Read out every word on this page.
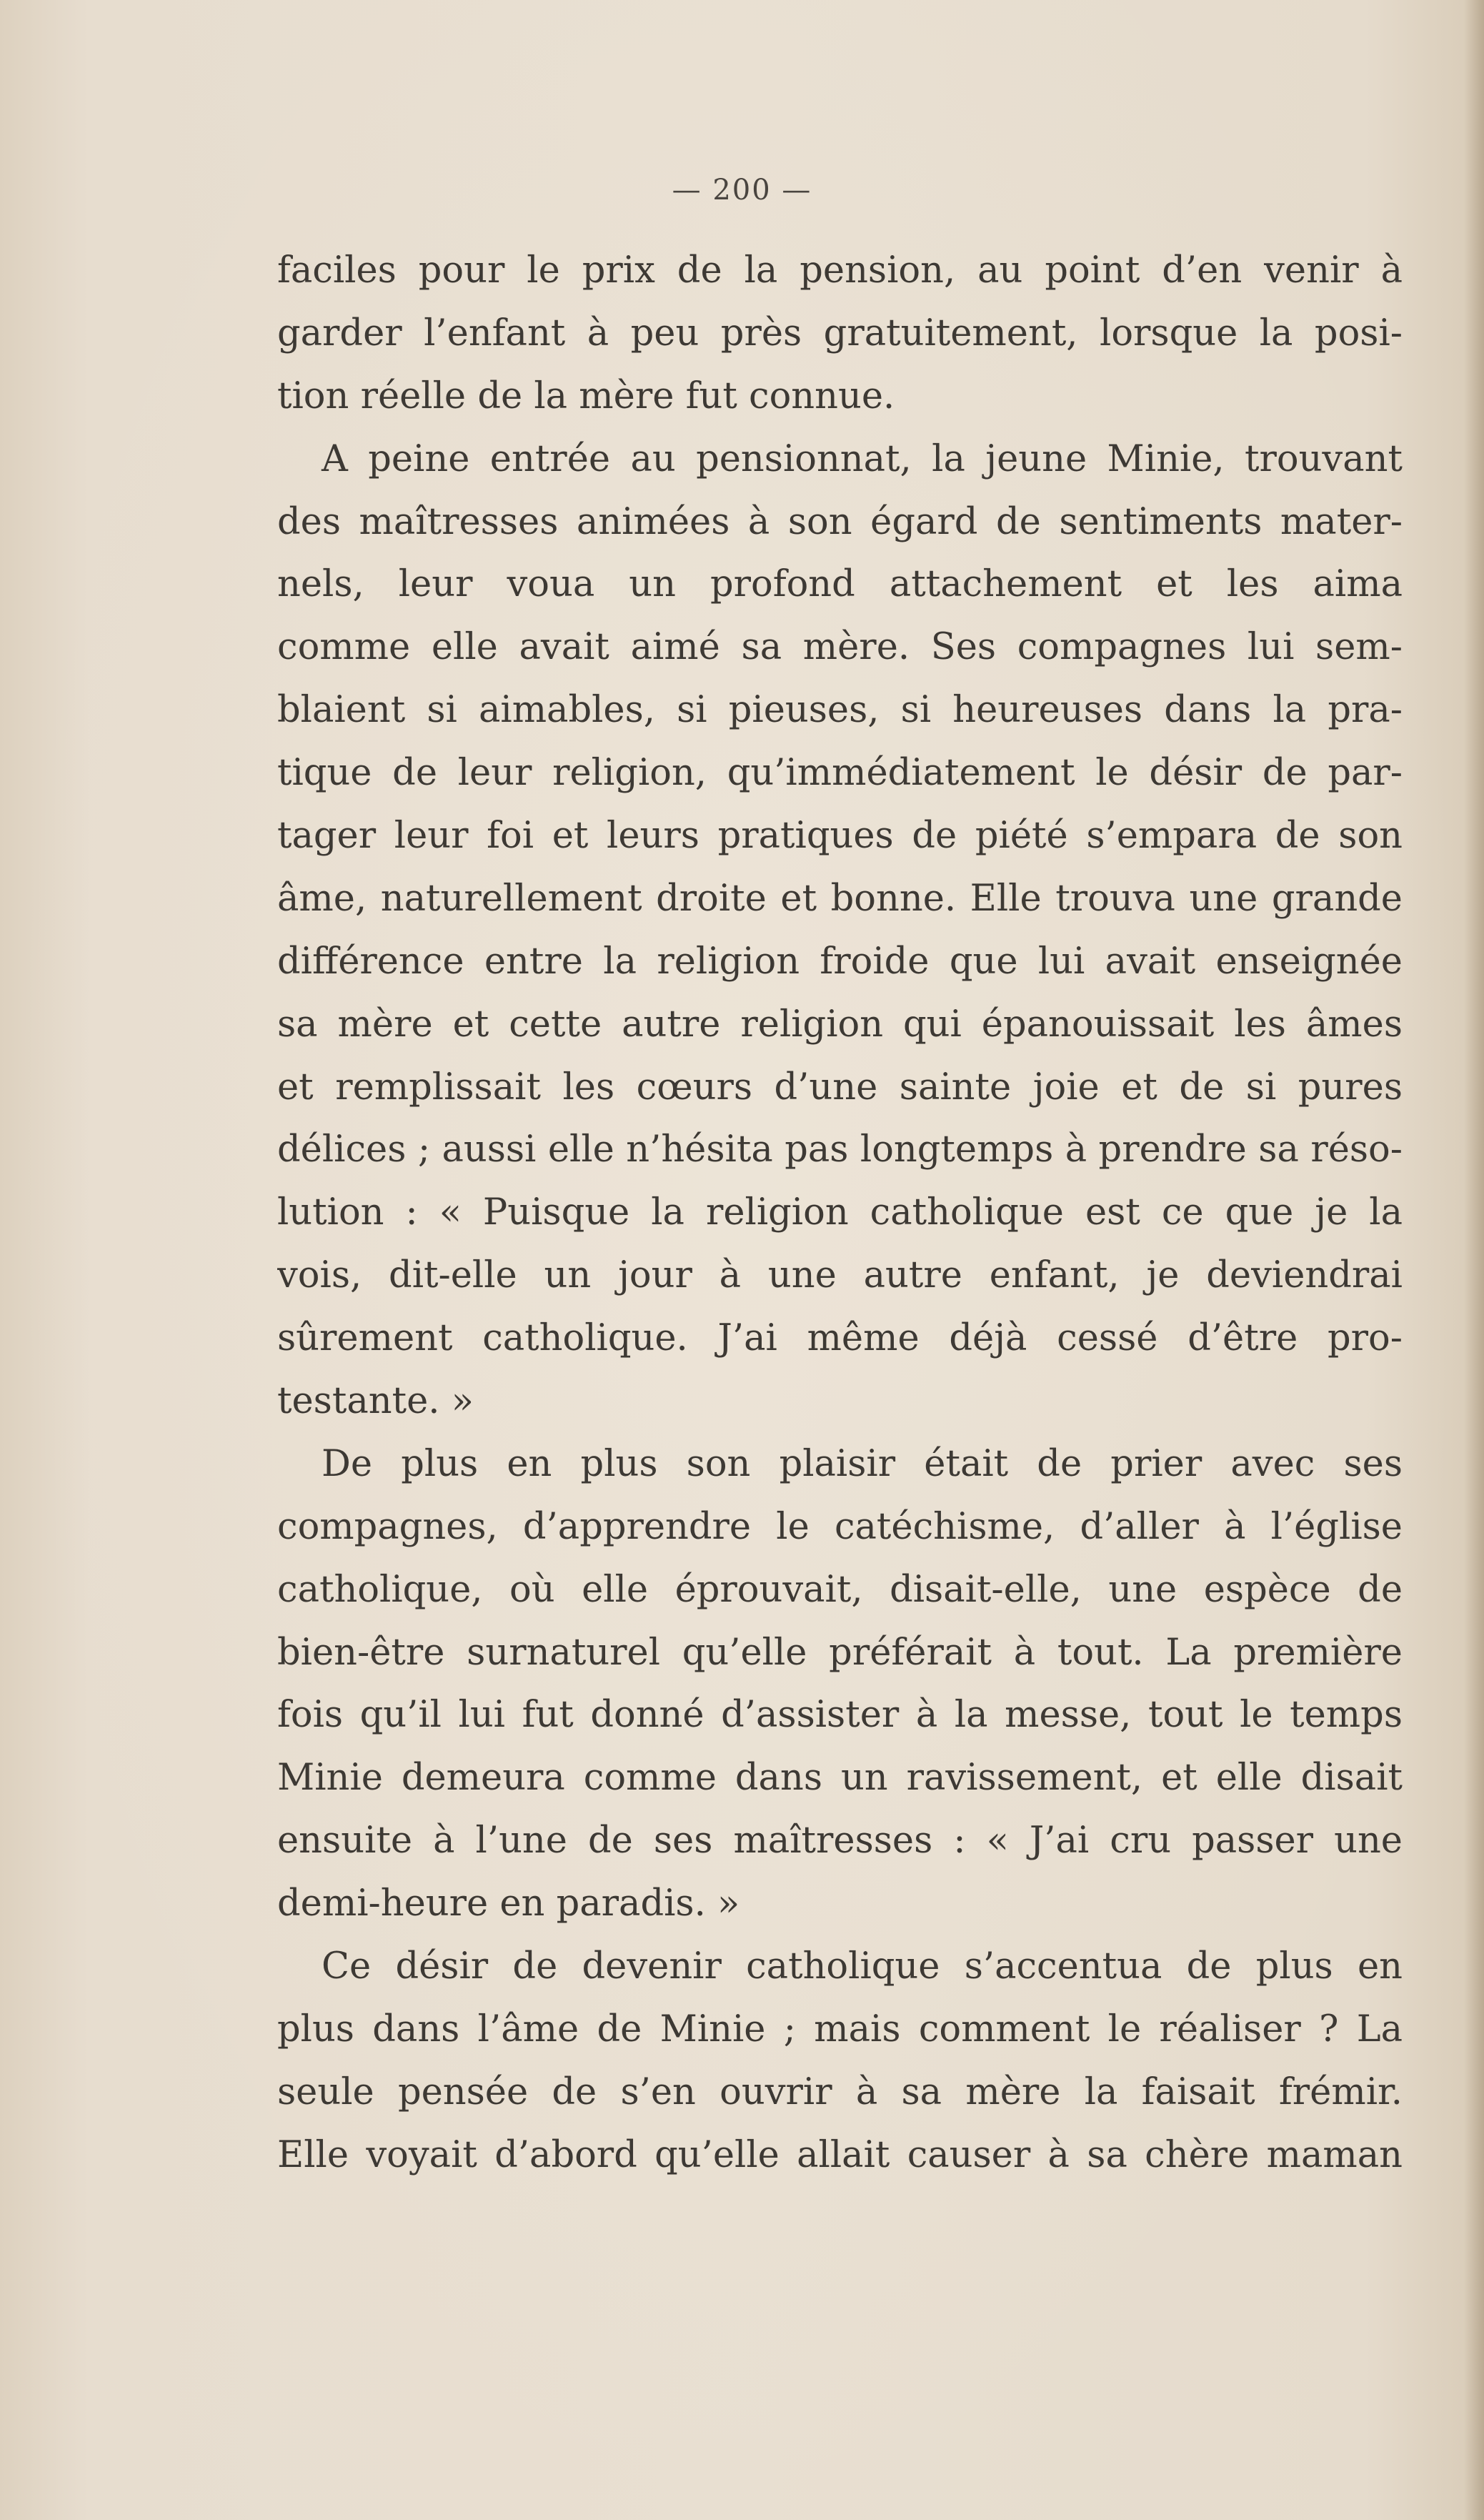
— 200 —
faciles pour le prix de la pension, au point d’en venir à
garder l’enfant à peu près gratuitement, lorsque la posi-
tion réelle de la mère fut connue.
A peine entrée au pensionnat, la jeune Minie, trouvant
des maîtresses animées à son égard de sentiments mater-
nels, leur voua un profond attachement et les aima
comme elle avait aimé sa mère. Ses compagnes lui sem-
blaient si aimables, si pieuses, si heureuses dans la pra-
tique de leur religion, qu’immédiatement le désir de par-
tager leur foi et leurs pratiques de piété s’empara de son
âme, naturellement droite et bonne. Elle trouva une grande
différence entre la religion froide que lui avait enseignée
sa mère et cette autre religion qui épanouissait les âmes
et remplissait les cœurs d’une sainte joie et de si pures
délices ; aussi elle n’hésita pas longtemps à prendre sa réso-
lution : « Puisque la religion catholique est ce que je la
vois, dit-elle un jour à une autre enfant, je deviendrai
sûrement catholique. J’ai même déjà cessé d’être pro-
testante. »
De plus en plus son plaisir était de prier avec ses
compagnes, d’apprendre le catéchisme, d’aller à l’église
catholique, où elle éprouvait, disait-elle, une espèce de
bien-être surnaturel qu’elle préférait à tout. La première
fois qu’il lui fut donné d’assister à la messe, tout le temps
Minie demeura comme dans un ravissement, et elle disait
ensuite à l’une de ses maîtresses : « J’ai cru passer une
demi-heure en paradis. »
Ce désir de devenir catholique s’accentua de plus en
plus dans l’âme de Minie ; mais comment le réaliser ? La
seule pensée de s’en ouvrir à sa mère la faisait frémir.
Elle voyait d’abord qu’elle allait causer à sa chère maman
